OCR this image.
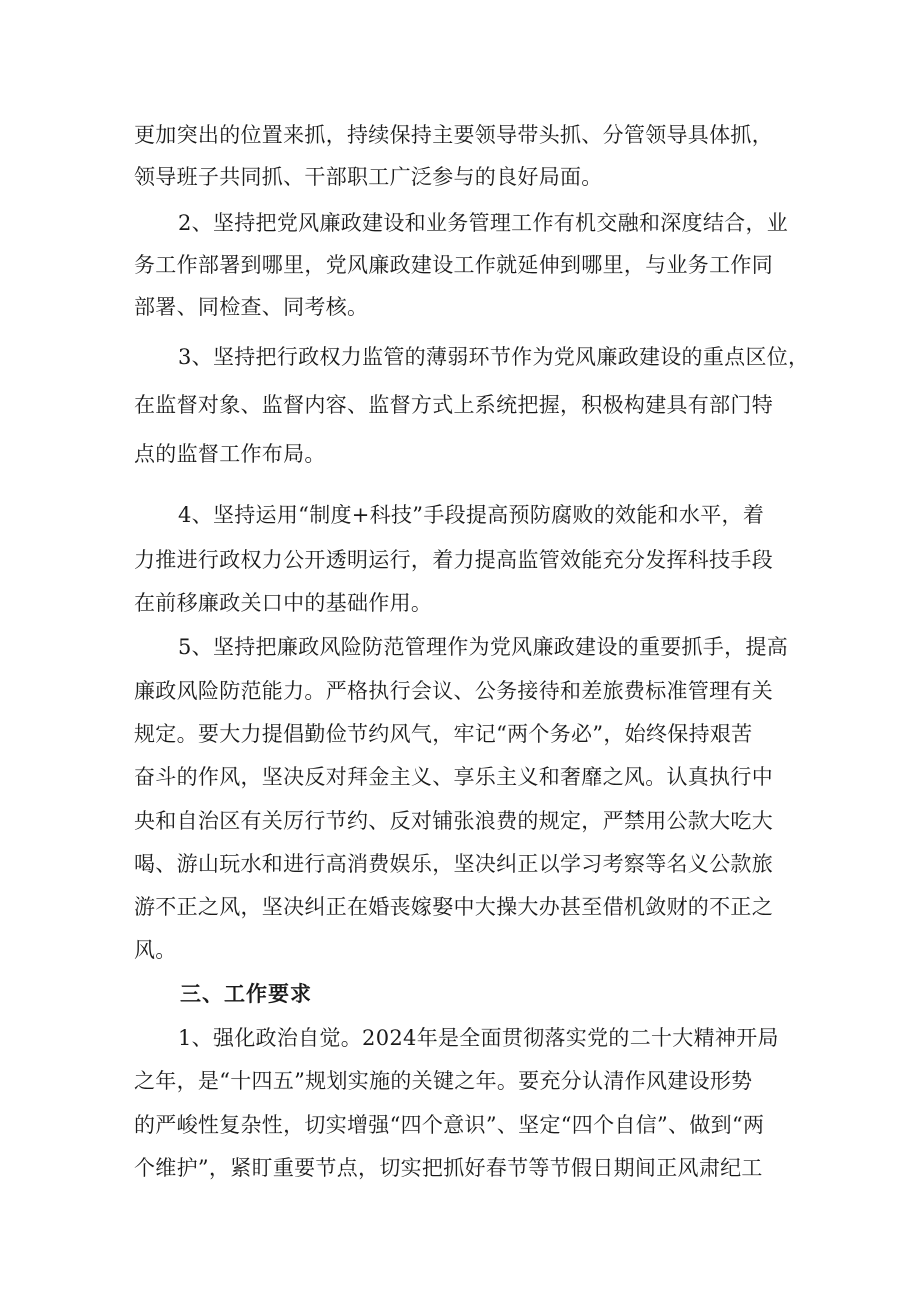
更加突出的位置来抓，持续保持主要领导带头抓、分管领导具体抓，
领导班子共同抓、干部职工广泛参与的良好局面。
2、坚持把党风廉政建设和业务管理工作有机交融和深度结合，业
务工作部署到哪里，党风廉政建设工作就延伸到哪里，与业务工作同
部署、同检查、同考核。
3、坚持把行政权力监管的薄弱环节作为党风廉政建设的重点区位，
在监督对象、监督内容、监督方式上系统把握，积极构建具有部门特
点的监督工作布局。
4、坚持运用“制度+科技”手段提高预防腐败的效能和水平，着
力推进行政权力公开透明运行，着力提高监管效能充分发挥科技手段
在前移廉政关口中的基础作用。
5、坚持把廉政风险防范管理作为党风廉政建设的重要抓手，提高
廉政风险防范能力。严格执行会议、公务接待和差旅费标准管理有关
规定。要大力提倡勤俭节约风气，牢记“两个务必”，始终保持艰苦
奋斗的作风，坚决反对拜金主义、享乐主义和奢靡之风。认真执行中
央和自治区有关厉行节约、反对铺张浪费的规定，严禁用公款大吃大
喝、游山玩水和进行高消费娱乐，坚决纠正以学习考察等名义公款旅
游不正之风，坚决纠正在婚丧嫁娶中大操大办甚至借机敛财的不正之
风。
三、工作要求
1、强化政治自觉。2024年是全面贯彻落实党的二十大精神开局
之年，是“十四五”规划实施的关键之年。要充分认清作风建设形势
的严峻性复杂性，切实增强“四个意识”、坚定“四个自信”、做到“两
个维护”，紧盯重要节点，切实把抓好春节等节假日期间正风肃纪工
